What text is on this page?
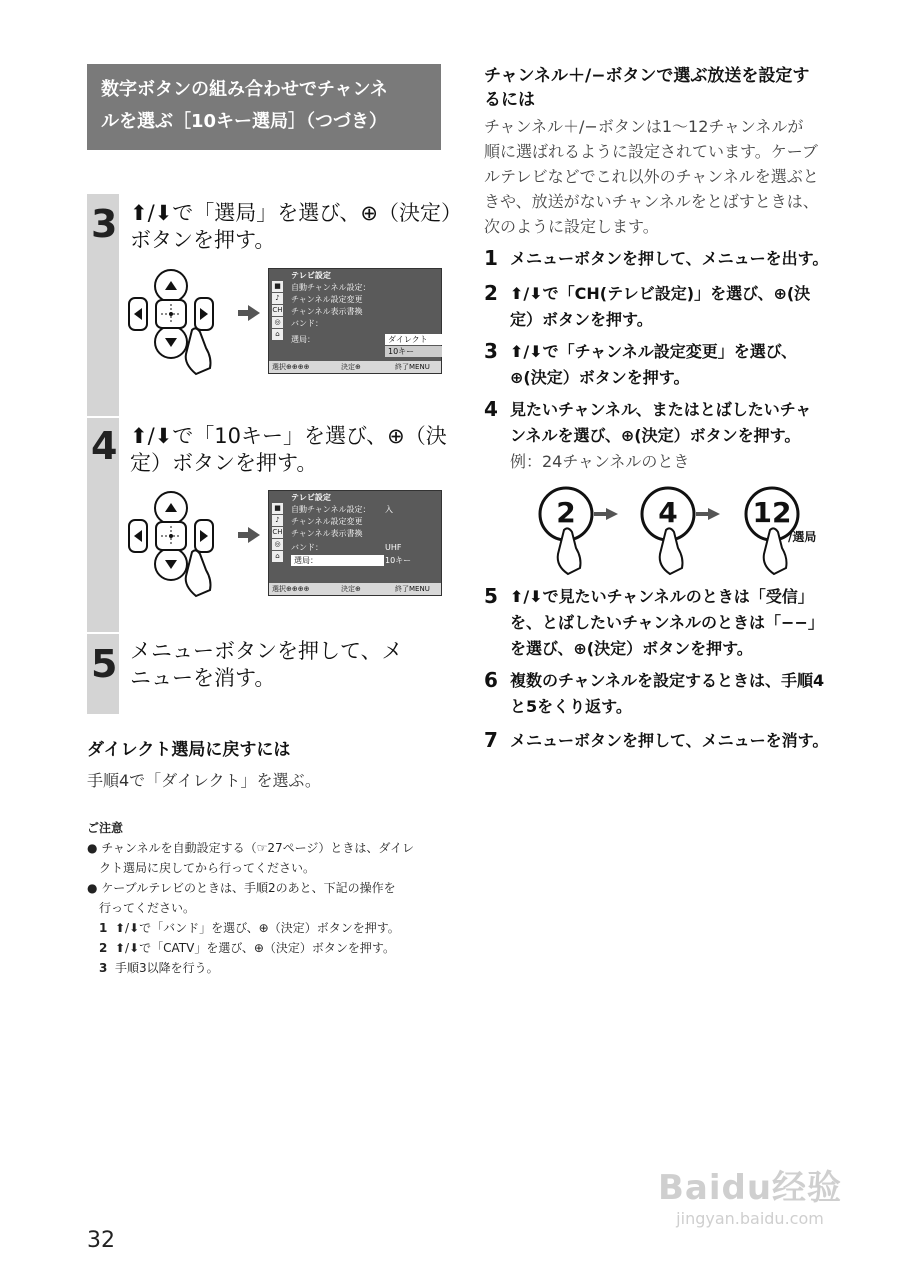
数字ボタンの組み合わせでチャンネ
ルを選ぶ［10キー選局］（つづき）
3 ⬆/⬇で「選局」を選び、⊕（決定）
ボタンを押す。
テレビ設定
■
♪
CH
◎
⌂
自動チャンネル設定：
チャンネル設定変更
チャンネル表示書換
バンド：
選局：	ダイレクト
10キー
選択⊕⊕⊕⊕	決定⊕	終了MENU
4 ⬆/⬇で「10キー」を選び、⊕（決
定）ボタンを押す。
テレビ設定
■
♪
CH
◎
⌂
自動チャンネル設定： 入
チャンネル設定変更
チャンネル表示書換
バンド：	UHF
選局：	10キー
選択⊕⊕⊕⊕	決定⊕	終了MENU
5 メニューボタンを押して、メ
ニューを消す。
ダイレクト選局に戻すには
手順4で「ダイレクト」を選ぶ。
ご注意
● チャンネルを自動設定する（☞27ページ）ときは、ダイレ
クト選局に戻してから行ってください。
● ケーブルテレビのときは、手順2のあと、下記の操作を
行ってください。
1 ⬆/⬇で「バンド」を選び、⊕（決定）ボタンを押す。
2 ⬆/⬇で「CATV」を選び、⊕（決定）ボタンを押す。
3 手順3以降を行う。
チャンネル＋/−ボタンで選ぶ放送を設定す
るには
チャンネル＋/−ボタンは1〜12チャンネルが
順に選ばれるように設定されています。ケーブ
ルテレビなどでこれ以外のチャンネルを選ぶと
きや、放送がないチャンネルをとばすときは、
次のように設定します。
1 メニューボタンを押して、メニューを出す。
2 ⬆/⬇で「CH(テレビ設定)」を選び、⊕(決
定）ボタンを押す。
3 ⬆/⬇で「チャンネル設定変更」を選び、
⊕(決定）ボタンを押す。
4 見たいチャンネル、またはとばしたいチャ
ンネルを選び、⊕(決定）ボタンを押す。
例：24チャンネルのとき
2	4	12
/選局
5 ⬆/⬇で見たいチャンネルのときは「受信」
を、とばしたいチャンネルのときは「−−」
を選び、⊕(決定）ボタンを押す。
6 複数のチャンネルを設定するときは、手順4
と5をくり返す。
7 メニューボタンを押して、メニューを消す。
32
Baidu经验
jingyan.baidu.com
